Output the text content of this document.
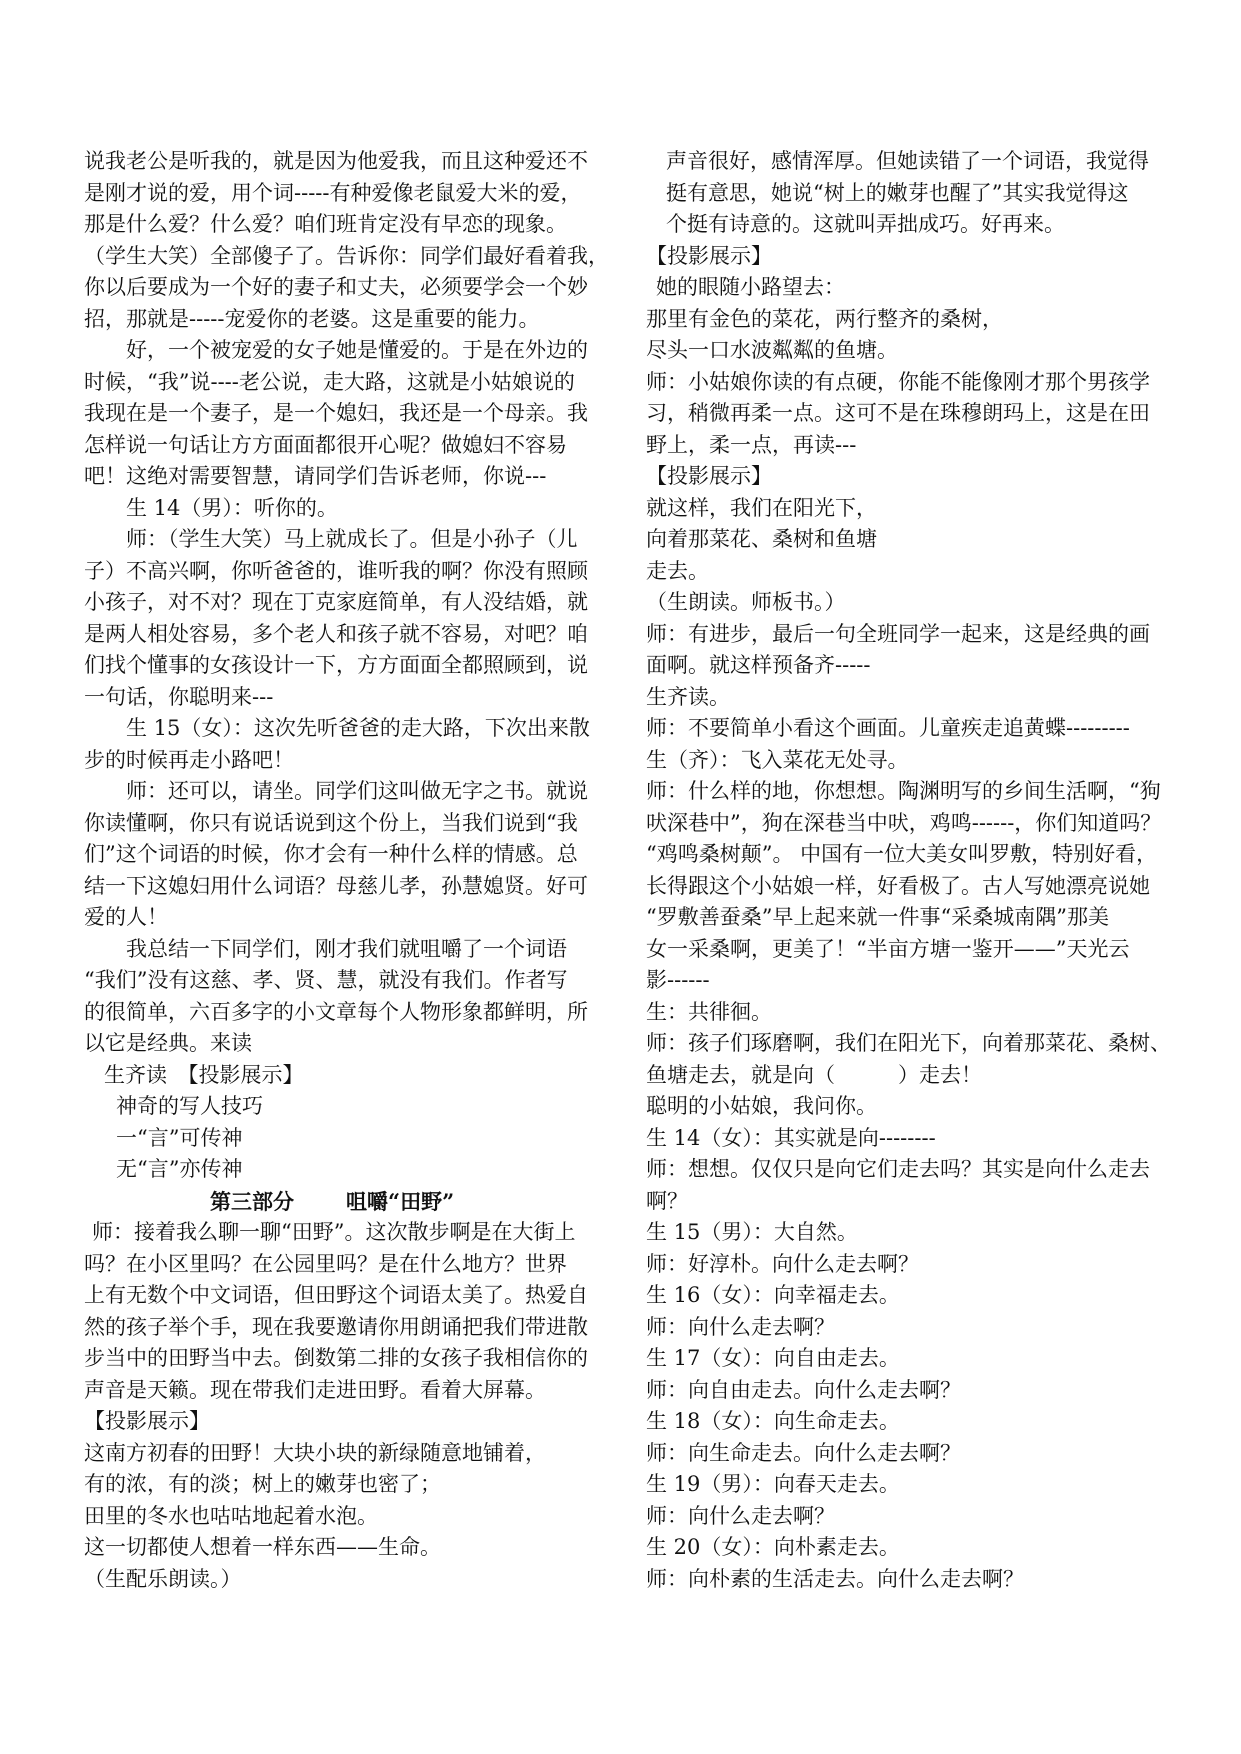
说我老公是听我的，就是因为他爱我，而且这种爱还不
是刚才说的爱，用个词-----有种爱像老鼠爱大米的爱，
那是什么爱？什么爱？咱们班肯定没有早恋的现象。
（学生大笑）全部傻子了。告诉你：同学们最好看着我，
你以后要成为一个好的妻子和丈夫，必须要学会一个妙
招，那就是-----宠爱你的老婆。这是重要的能力。
好，一个被宠爱的女子她是懂爱的。于是在外边的
时候，“我”说----老公说，走大路，这就是小姑娘说的
我现在是一个妻子，是一个媳妇，我还是一个母亲。我
怎样说一句话让方方面面都很开心呢？做媳妇不容易
吧！这绝对需要智慧，请同学们告诉老师，你说---
生 14（男）：听你的。
师：（学生大笑）马上就成长了。但是小孙子（儿
子）不高兴啊，你听爸爸的，谁听我的啊？你没有照顾
小孩子，对不对？现在丁克家庭简单，有人没结婚，就
是两人相处容易，多个老人和孩子就不容易，对吧？咱
们找个懂事的女孩设计一下，方方面面全都照顾到，说
一句话，你聪明来---
生 15（女）：这次先听爸爸的走大路，下次出来散
步的时候再走小路吧！
师：还可以，请坐。同学们这叫做无字之书。就说
你读懂啊，你只有说话说到这个份上，当我们说到“我
们”这个词语的时候，你才会有一种什么样的情感。总
结一下这媳妇用什么词语？母慈儿孝，孙慧媳贤。好可
爱的人！
我总结一下同学们，刚才我们就咀嚼了一个词语
“我们”没有这慈、孝、贤、慧，就没有我们。作者写
的很简单，六百多字的小文章每个人物形象都鲜明，所
以它是经典。来读
生齐读　【投影展示】
神奇的写人技巧
一“言”可传神
无“言”亦传神
第三部分 咀嚼“田野”
师：接着我么聊一聊“田野”。这次散步啊是在大街上
吗？在小区里吗？在公园里吗？是在什么地方？世界
上有无数个中文词语，但田野这个词语太美了。热爱自
然的孩子举个手，现在我要邀请你用朗诵把我们带进散
步当中的田野当中去。倒数第二排的女孩子我相信你的
声音是天籁。现在带我们走进田野。看着大屏幕。
【投影展示】
这南方初春的田野！大块小块的新绿随意地铺着，
有的浓，有的淡；树上的嫩芽也密了；
田里的冬水也咕咕地起着水泡。
这一切都使人想着一样东西——生命。
（生配乐朗读。）
声音很好，感情浑厚。但她读错了一个词语，我觉得
挺有意思，她说“树上的嫩芽也醒了”其实我觉得这
个挺有诗意的。这就叫弄拙成巧。好再来。
【投影展示】
她的眼随小路望去：
那里有金色的菜花，两行整齐的桑树，
尽头一口水波粼粼的鱼塘。
师：小姑娘你读的有点硬，你能不能像刚才那个男孩学
习，稍微再柔一点。这可不是在珠穆朗玛上，这是在田
野上，柔一点，再读---
【投影展示】
就这样，我们在阳光下，
向着那菜花、桑树和鱼塘
走去。
（生朗读。师板书。）
师：有进步，最后一句全班同学一起来，这是经典的画
面啊。就这样预备齐-----
生齐读。
师：不要简单小看这个画面。儿童疾走追黄蝶---------
生（齐）：飞入菜花无处寻。
师：什么样的地，你想想。陶渊明写的乡间生活啊，“狗
吠深巷中”，狗在深巷当中吠，鸡鸣------，你们知道吗？
“鸡鸣桑树颠”。 中国有一位大美女叫罗敷，特别好看，
长得跟这个小姑娘一样，好看极了。古人写她漂亮说她
“罗敷善蚕桑”早上起来就一件事“采桑城南隅”那美
女一采桑啊，更美了！“半亩方塘一鉴开——”天光云
影------
生：共徘徊。
师：孩子们琢磨啊，我们在阳光下，向着那菜花、桑树、
鱼塘走去，就是向（　　　）走去！
聪明的小姑娘，我问你。
生 14（女）：其实就是向--------
师：想想。仅仅只是向它们走去吗？其实是向什么走去
啊？
生 15（男）：大自然。
师：好淳朴。向什么走去啊？
生 16（女）：向幸福走去。
师：向什么走去啊？
生 17（女）：向自由走去。
师：向自由走去。向什么走去啊？
生 18（女）：向生命走去。
师：向生命走去。向什么走去啊？
生 19（男）：向春天走去。
师：向什么走去啊？
生 20（女）：向朴素走去。
师：向朴素的生活走去。向什么走去啊？
